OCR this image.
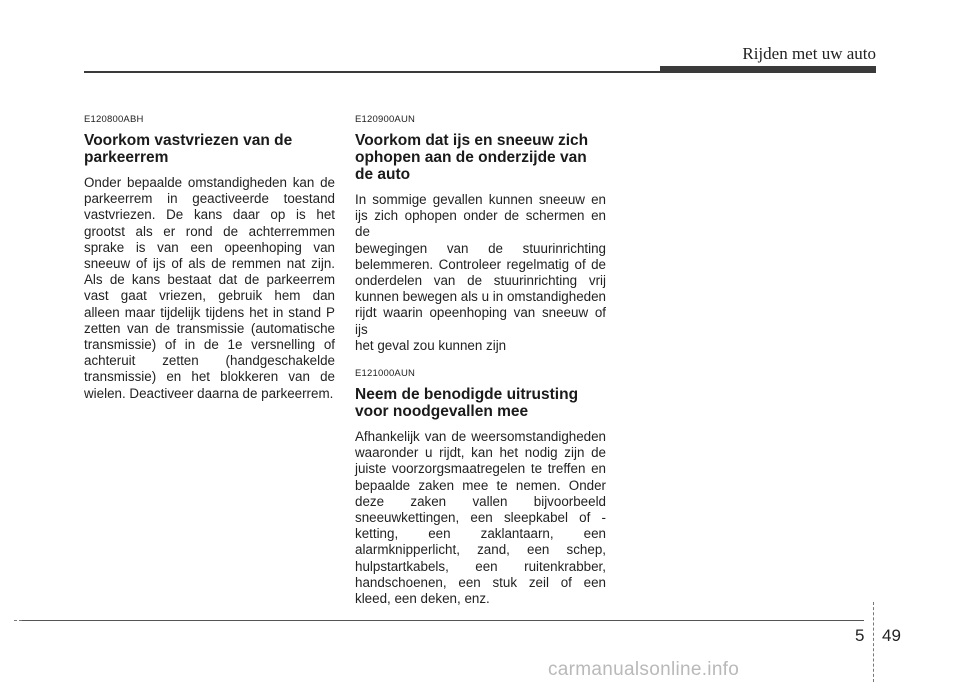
Rijden met uw auto
E120800ABH
Voorkom vastvriezen van de
parkeerrem
Onder bepaalde omstandigheden kan de
parkeerrem in geactiveerde toestand
vastvriezen. De kans daar op is het
grootst als er rond de achterremmen
sprake is van een opeenhoping van
sneeuw of ijs of als de remmen nat zijn.
Als de kans bestaat dat de parkeerrem
vast gaat vriezen, gebruik hem dan
alleen maar tijdelijk tijdens het in stand P
zetten van de transmissie (automatische
transmissie) of in de 1e versnelling of
achteruit zetten (handgeschakelde
transmissie) en het blokkeren van de
wielen. Deactiveer daarna de parkeerrem.
E120900AUN
Voorkom dat ijs en sneeuw zich
ophopen aan de onderzijde van
de auto
In sommige gevallen kunnen sneeuw en
ijs zich ophopen onder de schermen en de
bewegingen van de stuurinrichting
belemmeren. Controleer regelmatig of de
onderdelen van de stuurinrichting vrij
kunnen bewegen als u in omstandigheden
rijdt waarin opeenhoping van sneeuw of ijs
het geval zou kunnen zijn
E121000AUN
Neem de benodigde uitrusting
voor noodgevallen mee
Afhankelijk van de weersomstandigheden
waaronder u rijdt, kan het nodig zijn de
juiste voorzorgsmaatregelen te treffen en
bepaalde zaken mee te nemen. Onder
deze zaken vallen bijvoorbeeld
sneeuwkettingen, een sleepkabel of -
ketting, een zaklantaarn, een
alarmknipperlicht, zand, een schep,
hulpstartkabels, een ruitenkrabber,
handschoenen, een stuk zeil of een
kleed, een deken, enz.
5 49
carmanualsonline.info
